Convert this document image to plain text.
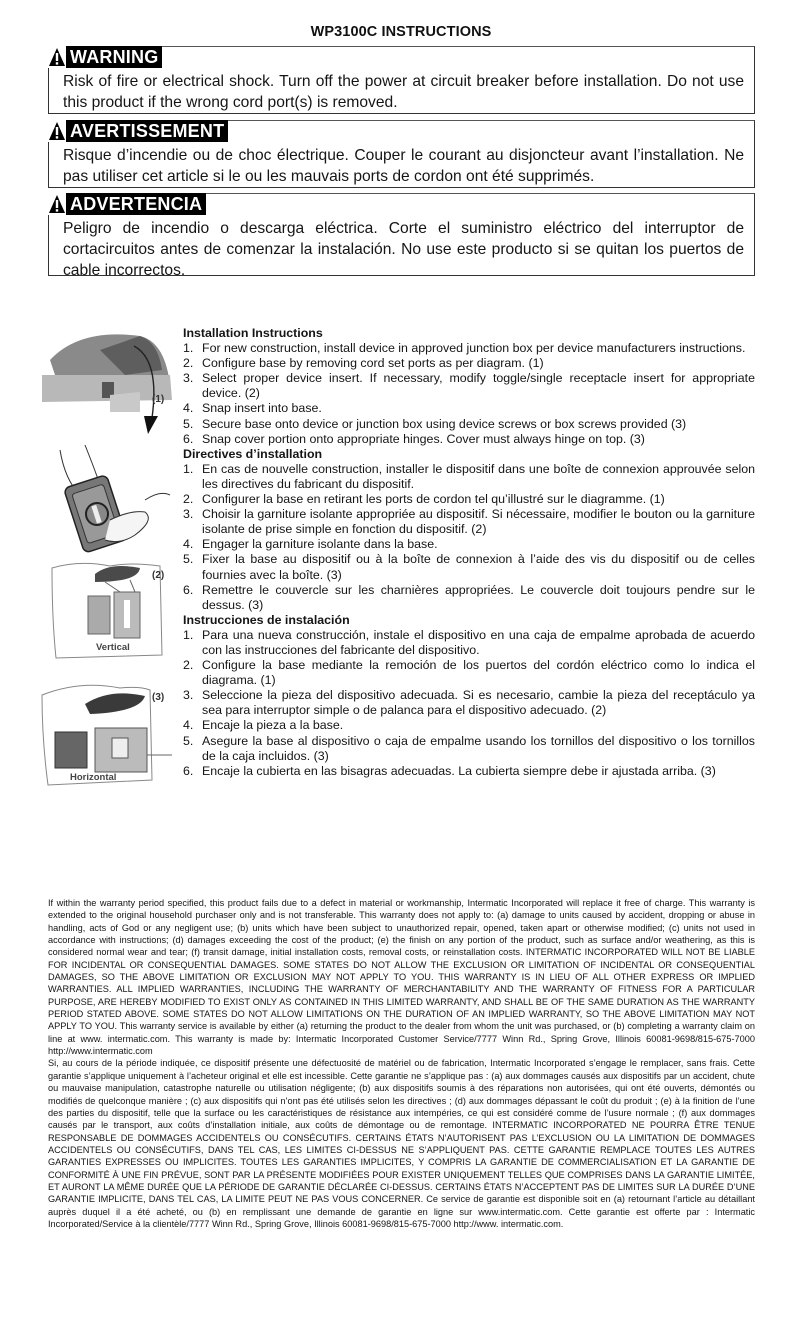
WP3100C INSTRUCTIONS
WARNING
Risk of fire or electrical shock. Turn off the power at circuit breaker before installation. Do not use this product if the wrong cord port(s) is removed.
AVERTISSEMENT
Risque d’incendie ou de choc électrique. Couper le courant au disjoncteur avant l’installation. Ne pas utiliser cet article si le ou les mauvais ports de cordon ont été supprimés.
ADVERTENCIA
Peligro de incendio o descarga eléctrica. Corte el suministro eléctrico del interruptor de cortacircuitos antes de comenzar la instalación. No use este producto si se quitan los puertos de cable incorrectos.
(1)
(2)
Vertical
(3)
Horizontal
Installation Instructions
1. For new construction, install device in approved junction box per device manufacturers instructions.
2. Configure base by removing cord set ports as per diagram. (1)
3. Select proper device insert. If necessary, modify toggle/single receptacle insert for appropriate device. (2)
4. Snap insert into base.
5. Secure base onto device or junction box using device screws or box screws provided (3)
6. Snap cover portion onto appropriate hinges. Cover must always hinge on top. (3)
Directives d’installation
1. En cas de nouvelle construction, installer le dispositif dans une boîte de connexion approuvée selon les directives du fabricant du dispositif.
2. Configurer la base en retirant les ports de cordon tel qu’illustré sur le diagramme. (1)
3. Choisir la garniture isolante appropriée au dispositif. Si nécessaire, modifier le bouton ou la garniture isolante de prise simple en fonction du dispositif. (2)
4. Engager la garniture isolante dans la base.
5. Fixer la base au dispositif ou à la boîte de connexion à l’aide des vis du dispositif ou de celles fournies avec la boîte. (3)
6. Remettre le couvercle sur les charnières appropriées. Le couvercle doit toujours pendre sur le dessus. (3)
Instrucciones de instalación
1. Para una nueva construcción, instale el dispositivo en una caja de empalme aprobada de acuerdo con las instrucciones del fabricante del dispositivo.
2. Configure la base mediante la remoción de los puertos del cordón eléctrico como lo indica el diagrama. (1)
3. Seleccione la pieza del dispositivo adecuada. Si es necesario, cambie la pieza del receptáculo ya sea para interruptor simple o de palanca para el dispositivo adecuado. (2)
4. Encaje la pieza a la base.
5. Asegure la base al dispositivo o caja de empalme usando los tornillos del dispositivo o los tornillos de la caja incluidos. (3)
6. Encaje la cubierta en las bisagras adecuadas. La cubierta siempre debe ir ajustada arriba. (3)

If within the warranty period specified, this product fails due to a defect in material or workmanship, Intermatic Incorporated will replace it free of charge. This warranty is extended to the original household purchaser only and is not transferable. This warranty does not apply to: (a) damage to units caused by accident, dropping or abuse in handling, acts of God or any negligent use; (b) units which have been subject to unauthorized repair, opened, taken apart or otherwise modified; (c) units not used in accordance with instructions; (d) damages exceeding the cost of the product; (e) the finish on any portion of the product, such as surface and/or weathering, as this is considered normal wear and tear; (f) transit damage, initial installation costs, removal costs, or reinstallation costs. INTERMATIC INCORPORATED WILL NOT BE LIABLE FOR INCIDENTAL OR CONSEQUENTIAL DAMAGES. SOME STATES DO NOT ALLOW THE EXCLUSION OR LIMITATION OF INCIDENTAL OR CONSEQUENTIAL DAMAGES, SO THE ABOVE LIMITATION OR EXCLUSION MAY NOT APPLY TO YOU. THIS WARRANTY IS IN LIEU OF ALL OTHER EXPRESS OR IMPLIED WARRANTIES. ALL IMPLIED WARRANTIES, INCLUDING THE WARRANTY OF MERCHANTABILITY AND THE WARRANTY OF FITNESS FOR A PARTICULAR PURPOSE, ARE HEREBY MODIFIED TO EXIST ONLY AS CONTAINED IN THIS LIMITED WARRANTY, AND SHALL BE OF THE SAME DURATION AS THE WARRANTY PERIOD STATED ABOVE. SOME STATES DO NOT ALLOW LIMITATIONS ON THE DURATION OF AN IMPLIED WARRANTY, SO THE ABOVE LIMITATION MAY NOT APPLY TO YOU. This warranty service is available by either (a) returning the product to the dealer from whom the unit was purchased, or (b) completing a warranty claim on line at www. intermatic.com. This warranty is made by: Intermatic Incorporated Customer Service/7777 Winn Rd., Spring Grove, Illinois 60081-9698/815-675-7000 http://www.intermatic.com

Si, au cours de la période indiquée, ce dispositif présente une défectuosité de matériel ou de fabrication, Intermatic Incorporated s’engage le remplacer, sans frais. Cette garantie s’applique uniquement à l’acheteur original et elle est incessible. Cette garantie ne s’applique pas : (a) aux dommages causés aux dispositifs par un accident, chute ou mauvaise manipulation, catastrophe naturelle ou utilisation négligente; (b) aux dispositifs soumis à des réparations non autorisées, qui ont été ouverts, démontés ou modifiés de quelconque manière ; (c) aux dispositifs qui n’ont pas été utilisés selon les directives ; (d) aux dommages dépassant le coût du produit ; (e) à la finition de l’une des parties du dispositif, telle que la surface ou les caractéristiques de résistance aux intempéries, ce qui est considéré comme de l’usure normale ; (f) aux dommages causés par le transport, aux coûts d’installation initiale, aux coûts de démontage ou de remontage. INTERMATIC INCORPORATED NE POURRA ÊTRE TENUE RESPONSABLE DE DOMMAGES ACCIDENTELS OU CONSÉCUTIFS. CERTAINS ÉTATS N’AUTORISENT PAS L’EXCLUSION OU LA LIMITATION DE DOMMAGES ACCIDENTELS OU CONSÉCUTIFS, DANS TEL CAS, LES LIMITES CI-DESSUS NE S’APPLIQUENT PAS. CETTE GARANTIE REMPLACE TOUTES LES AUTRES GARANTIES EXPRESSES OU IMPLICITES. TOUTES LES GARANTIES IMPLICITES, Y COMPRIS LA GARANTIE DE COMMERCIALISATION ET LA GARANTIE DE CONFORMITÉ À UNE FIN PRÉVUE, SONT PAR LA PRÉSENTE MODIFIÉES POUR EXISTER UNIQUEMENT TELLES QUE COMPRISES DANS LA GARANTIE LIMITÉE, ET AURONT LA MÊME DURÉE QUE LA PÉRIODE DE GARANTIE DÉCLARÉE CI-DESSUS. CERTAINS ÉTATS N’ACCEPTENT PAS DE LIMITES SUR LA DURÉE D’UNE GARANTIE IMPLICITE, DANS TEL CAS, LA LIMITE PEUT NE PAS VOUS CONCERNER. Ce service de garantie est disponible soit en (a) retournant l’article au détaillant auprès duquel il a été acheté, ou (b) en remplissant une demande de garantie en ligne sur www.intermatic.com. Cette garantie est offerte par : Intermatic Incorporated/Service à la clientèle/7777 Winn Rd., Spring Grove, Illinois 60081-9698/815-675-7000 http://www. intermatic.com.
